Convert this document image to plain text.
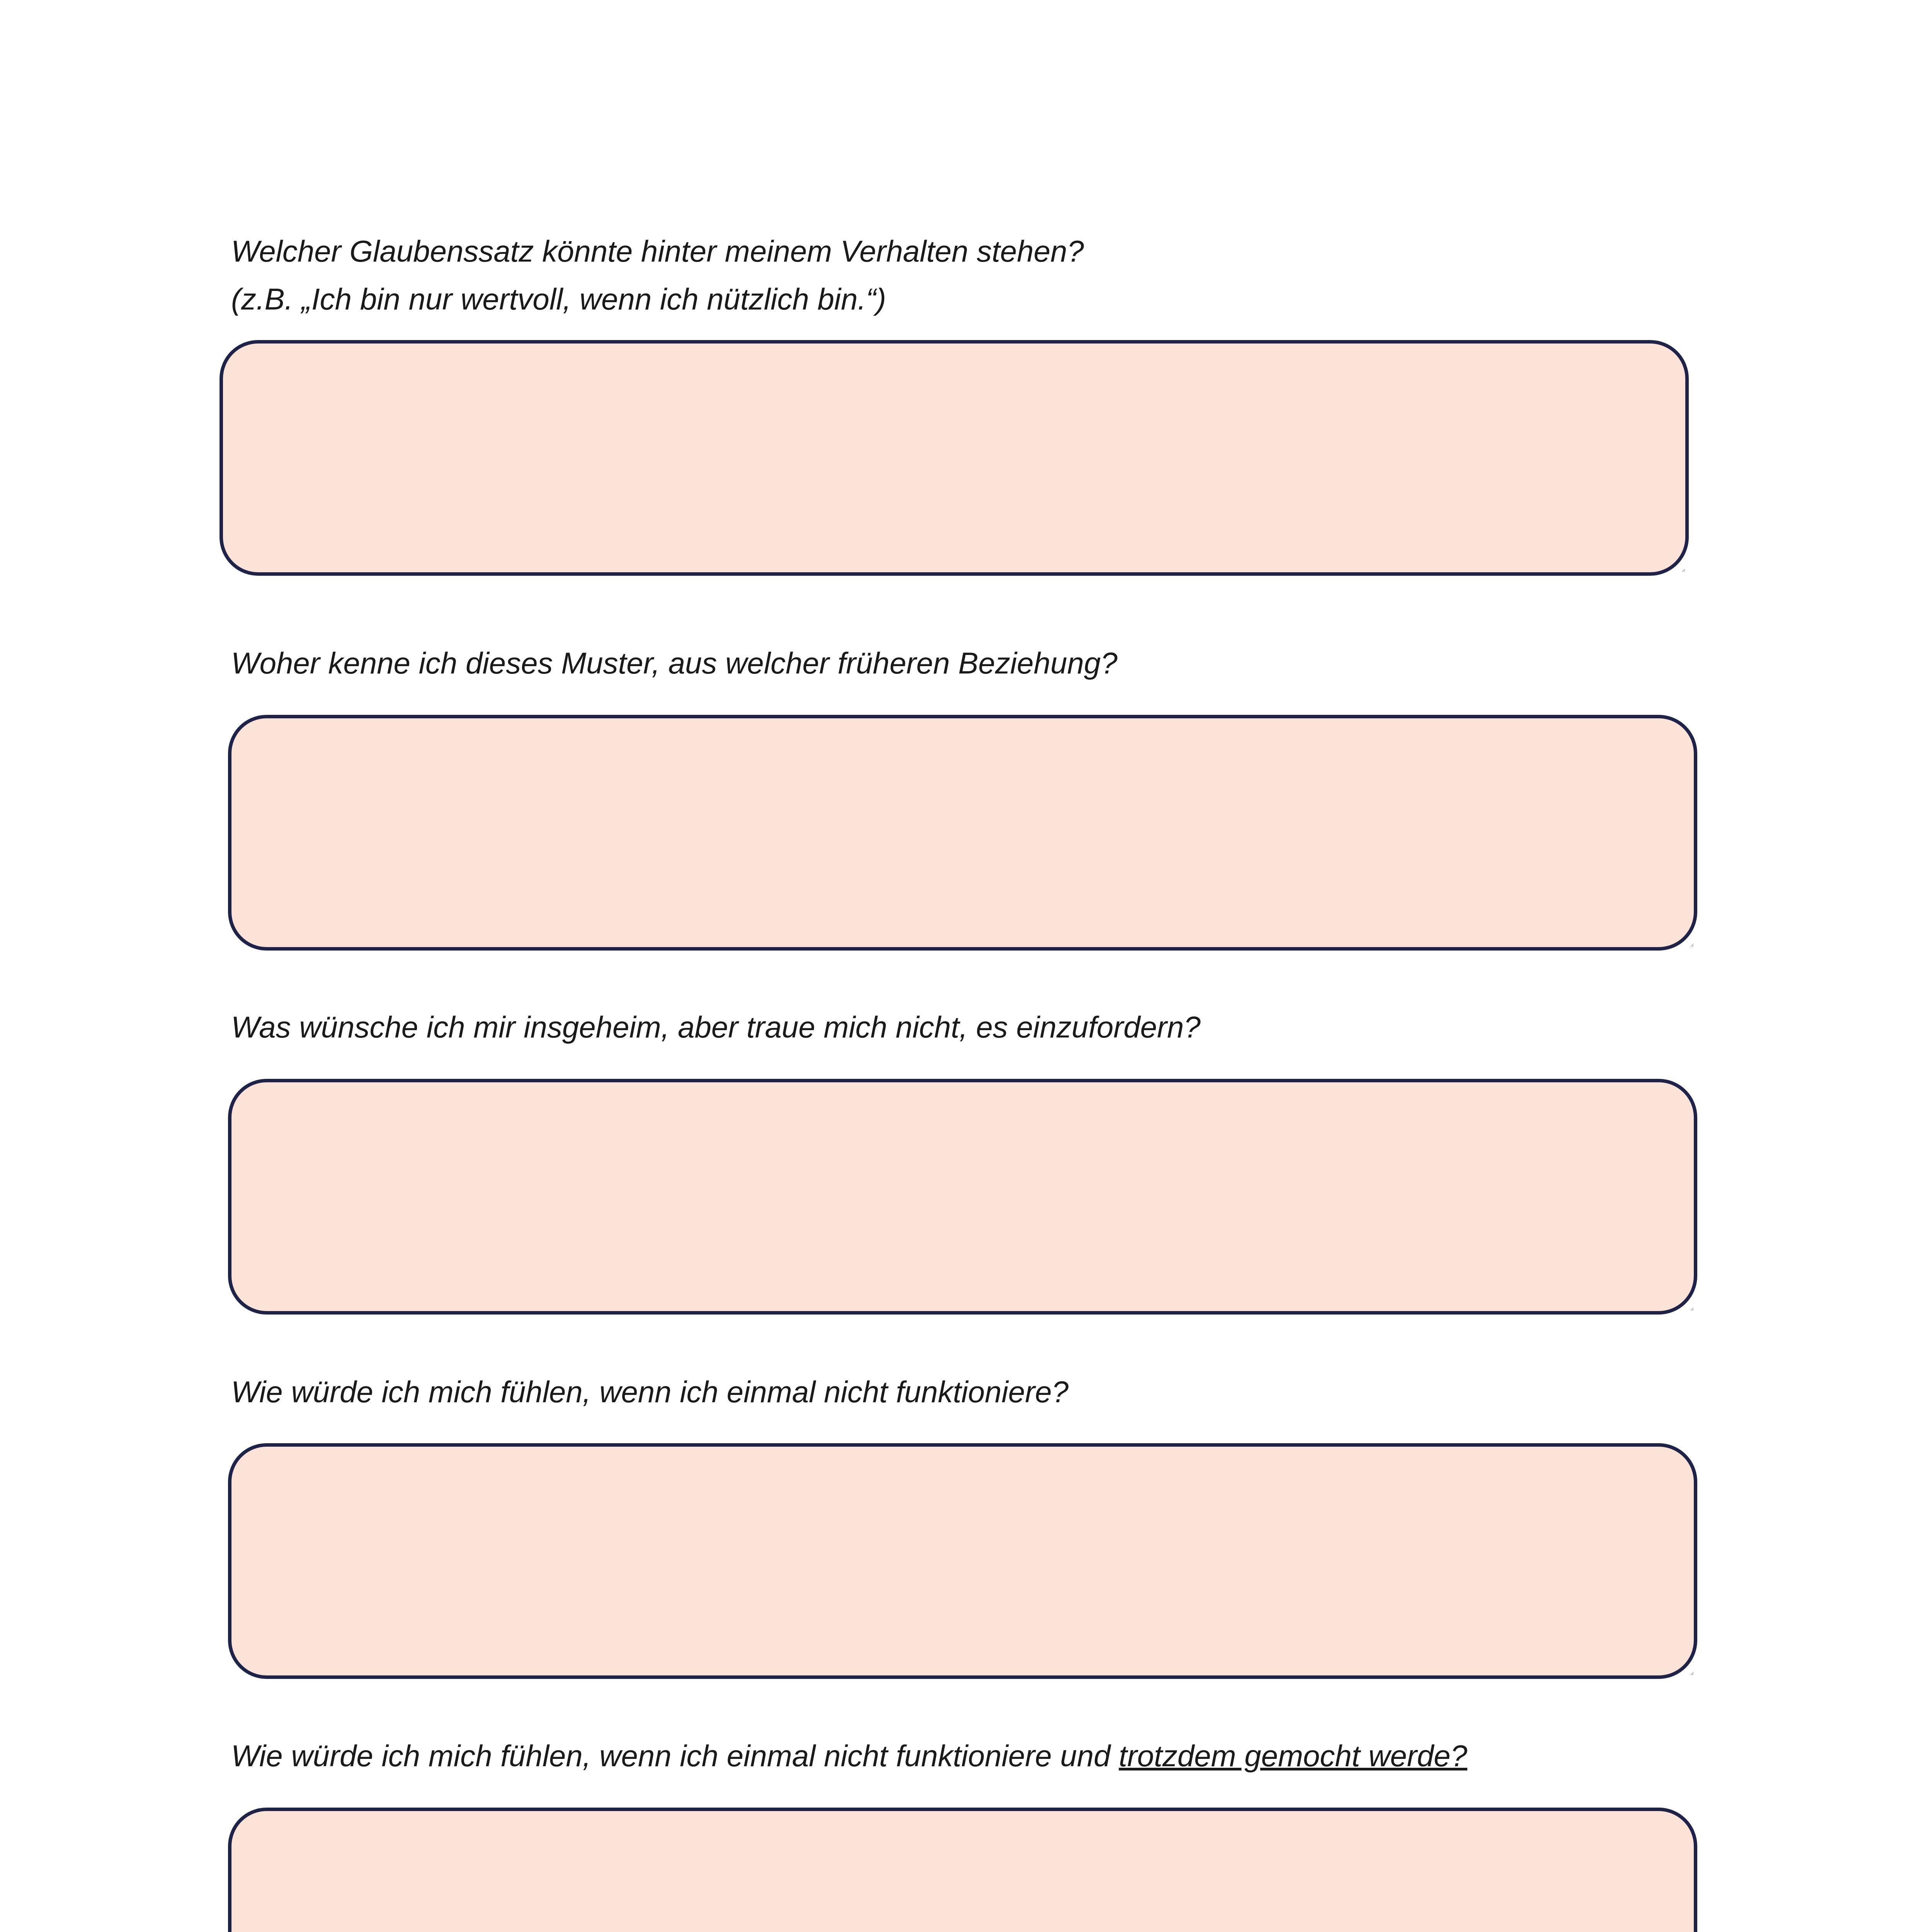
Welcher Glaubenssatz könnte hinter meinem Verhalten stehen?
(z.B. „Ich bin nur wertvoll, wenn ich nützlich bin.“)

Woher kenne ich dieses Muster, aus welcher früheren Beziehung?

Was wünsche ich mir insgeheim, aber traue mich nicht, es einzufordern?

Wie würde ich mich fühlen, wenn ich einmal nicht funktioniere?

Wie würde ich mich fühlen, wenn ich einmal nicht funktioniere und trotzdem gemocht werde?
